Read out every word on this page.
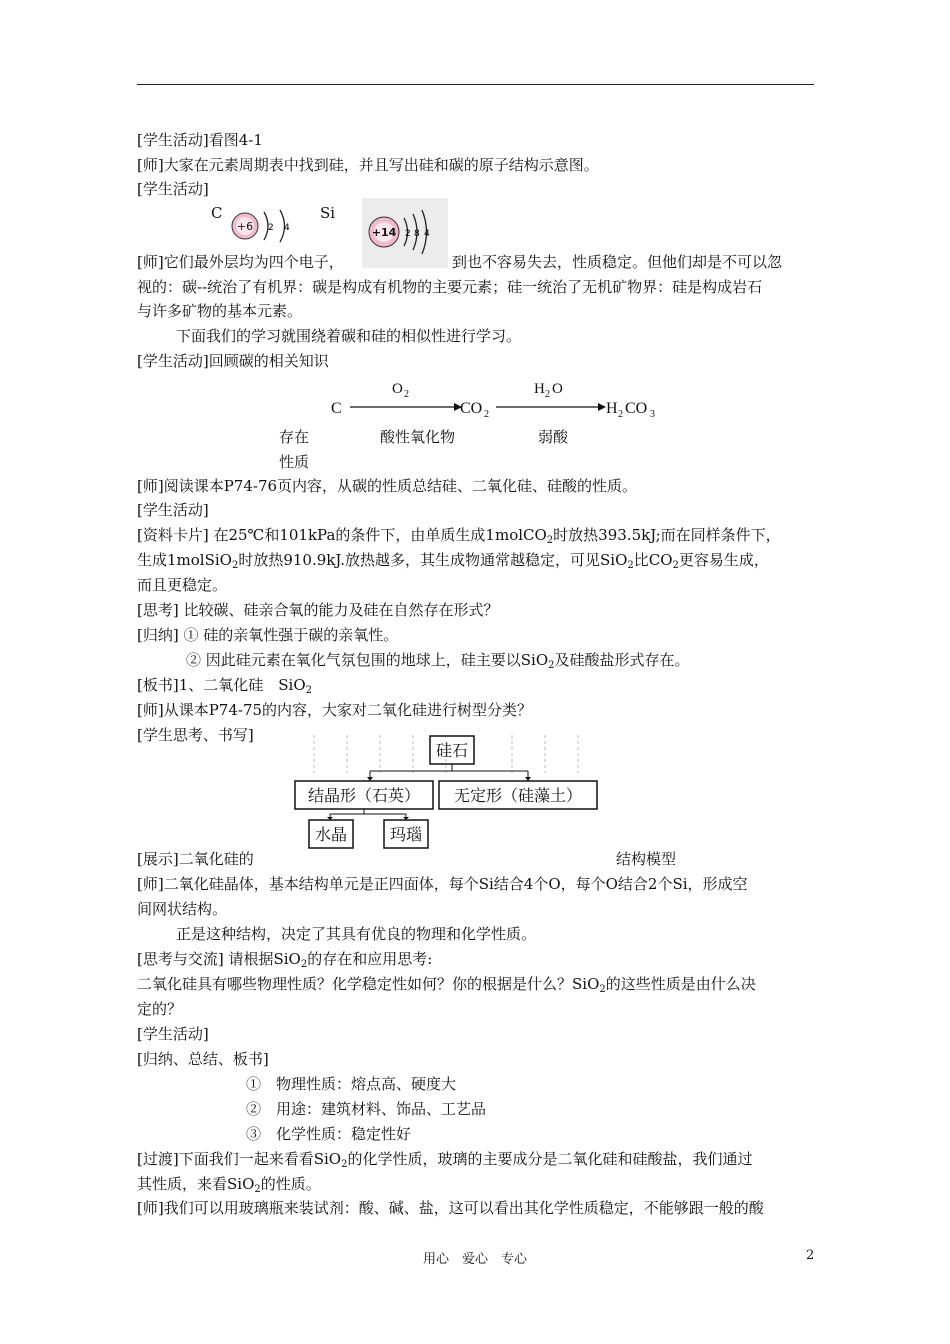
[学生活动]看图4-1
[师]大家在元素周期表中找到硅，并且写出硅和碳的原子结构示意图。
[学生活动]
C
+6 2 4
Si
+14 2 8 4
[师]它们最外层均为四个电子，	到也不容易失去，性质稳定。但他们却是不可以忽
视的：碳--统治了有机界：碳是构成有机物的主要元素；硅一统治了无机矿物界：硅是构成岩石
与许多矿物的基本元素。
下面我们的学习就围绕着碳和硅的相似性进行学习。
[学生活动]回顾碳的相关知识
C
O 2
CO 2
H 2 O
H 2 CO 3
存在
性质
酸性氧化物	弱酸
[师]阅读课本P74-76页内容，从碳的性质总结硅、二氧化硅、硅酸的性质。
[学生活动]
[资料卡片] 在25℃和101kPa的条件下，由单质生成1molCO$_2$时放热393.5kJ;而在同样条件下，
生成1molSiO$_2$时放热910.9kJ.放热越多，其生成物通常越稳定，可见SiO$_2$比$CO_2$更容易生成，
而且更稳定。
[思考] 比较碳、硅亲合氧的能力及硅在自然存在形式？
[归纳] ① 硅的亲氧性强于碳的亲氧性。
② 因此硅元素在氧化气氛包围的地球上，硅主要以SiO$_2$及硅酸盐形式存在。
[板书]1、二氧化硅　SiO$_2$
[师]从课本P74-75的内容，大家对二氧化硅进行树型分类？
[学生思考、书写]
硅石
结晶形（石英） 无定形（硅藻土）
水晶	玛瑙
[展示]二氧化硅的	结构模型
[师]二氧化硅晶体，基本结构单元是正四面体，每个Si结合4个O，每个O结合2个Si，形成空
间网状结构。
正是这种结构，决定了其具有优良的物理和化学性质。
[思考与交流] 请根据SiO$_2$的存在和应用思考:
二氧化硅具有哪些物理性质？化学稳定性如何？你的根据是什么？SiO$_2$的这些性质是由什么决
定的？
[学生活动]
[归纳、总结、板书]
①　物理性质：熔点高、硬度大
②　用途：建筑材料、饰品、工艺品
③　化学性质：稳定性好
[过渡]下面我们一起来看看SiO$_2$的化学性质，玻璃的主要成分是二氧化硅和硅酸盐，我们通过
其性质，来看SiO$_2$的性质。
[师]我们可以用玻璃瓶来装试剂：酸、碱、盐，这可以看出其化学性质稳定，不能够跟一般的酸
用心　爱心　专心	2
